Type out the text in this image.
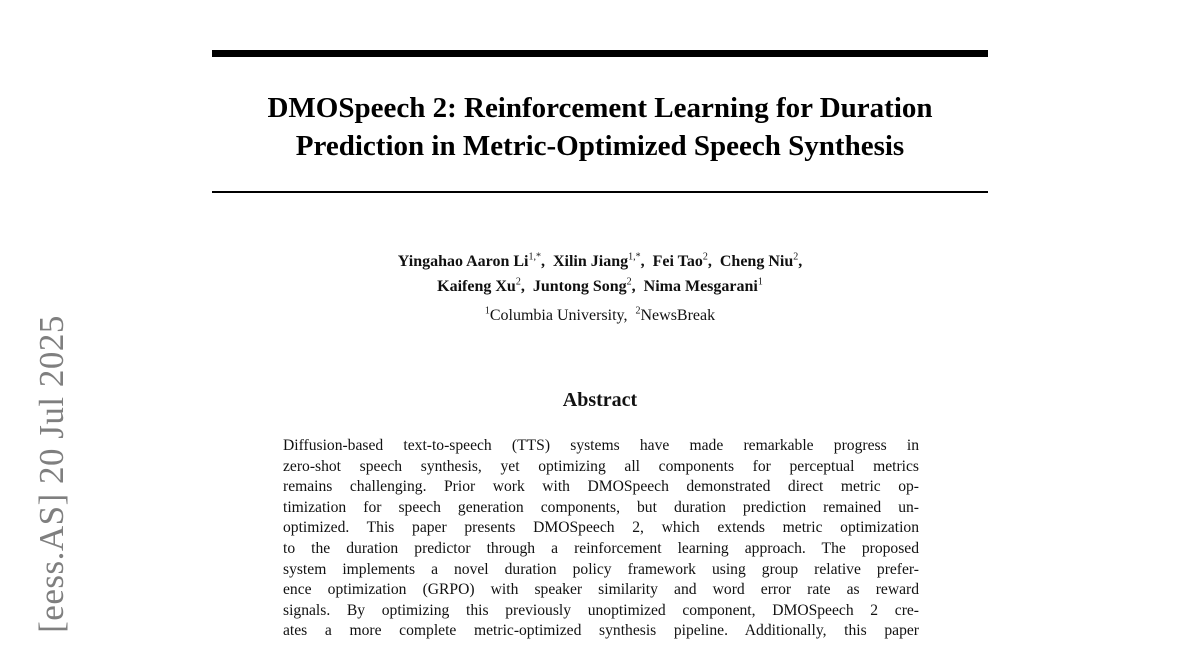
DMOSpeech 2: Reinforcement Learning for Duration
Prediction in Metric-Optimized Speech Synthesis
Yingahao Aaron $Li^{1,*}$,  Xilin Jiang$^{1,*}$,  Fei Tao$^2$,  Cheng Niu$^2$,
Kaifeng Xu$^2$,  Juntong Song$^2$,  Nima Mesgarani$^1$
$^1$Columbia University,  $^2$NewsBreak
Abstract
Diffusion-based text-to-speech (TTS) systems have made remarkable progress in
zero-shot speech synthesis, yet optimizing all components for perceptual metrics
remains challenging. Prior work with DMOSpeech demonstrated direct metric op-
timization for speech generation components, but duration prediction remained un-
optimized. This paper presents DMOSpeech 2, which extends metric optimization
to the duration predictor through a reinforcement learning approach. The proposed
system implements a novel duration policy framework using group relative prefer-
ence optimization (GRPO) with speaker similarity and word error rate as reward
signals. By optimizing this previously unoptimized component, DMOSpeech 2 cre-
ates a more complete metric-optimized synthesis pipeline. Additionally, this paper
[eess.AS] 20 Jul 2025
